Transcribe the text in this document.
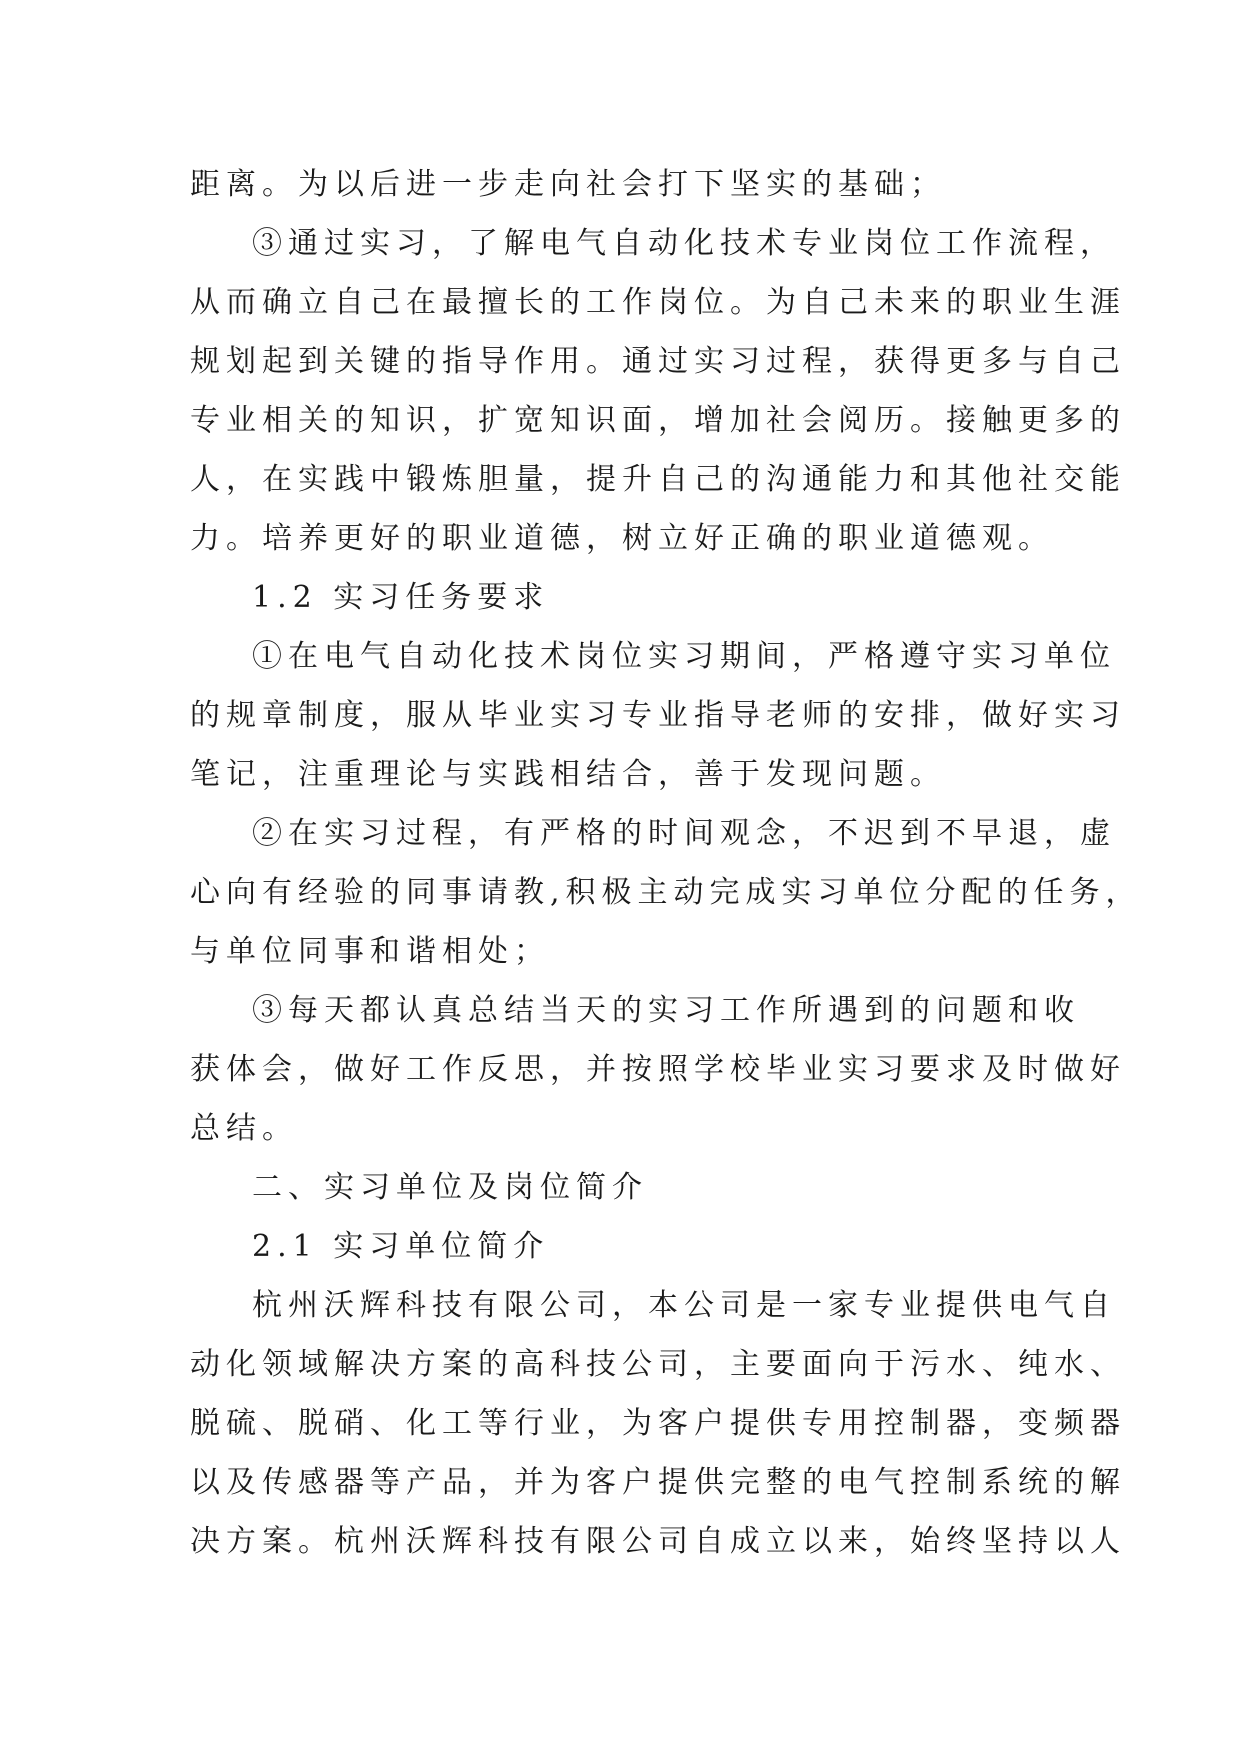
距离。为以后进一步走向社会打下坚实的基础；
③通过实习，了解电气自动化技术专业岗位工作流程，
从而确立自己在最擅长的工作岗位。为自己未来的职业生涯
规划起到关键的指导作用。通过实习过程，获得更多与自己
专业相关的知识，扩宽知识面，增加社会阅历。接触更多的
人，在实践中锻炼胆量，提升自己的沟通能力和其他社交能
力。培养更好的职业道德，树立好正确的职业道德观。
1.2 实习任务要求
①在电气自动化技术岗位实习期间，严格遵守实习单位
的规章制度，服从毕业实习专业指导老师的安排，做好实习
笔记，注重理论与实践相结合，善于发现问题。
②在实习过程，有严格的时间观念，不迟到不早退，虚
心向有经验的同事请教,积极主动完成实习单位分配的任务，
与单位同事和谐相处；
③每天都认真总结当天的实习工作所遇到的问题和收
获体会，做好工作反思，并按照学校毕业实习要求及时做好
总结。
二、实习单位及岗位简介
2.1 实习单位简介
杭州沃辉科技有限公司，本公司是一家专业提供电气自
动化领域解决方案的高科技公司，主要面向于污水、纯水、
脱硫、脱硝、化工等行业，为客户提供专用控制器，变频器
以及传感器等产品，并为客户提供完整的电气控制系统的解
决方案。杭州沃辉科技有限公司自成立以来，始终坚持以人
